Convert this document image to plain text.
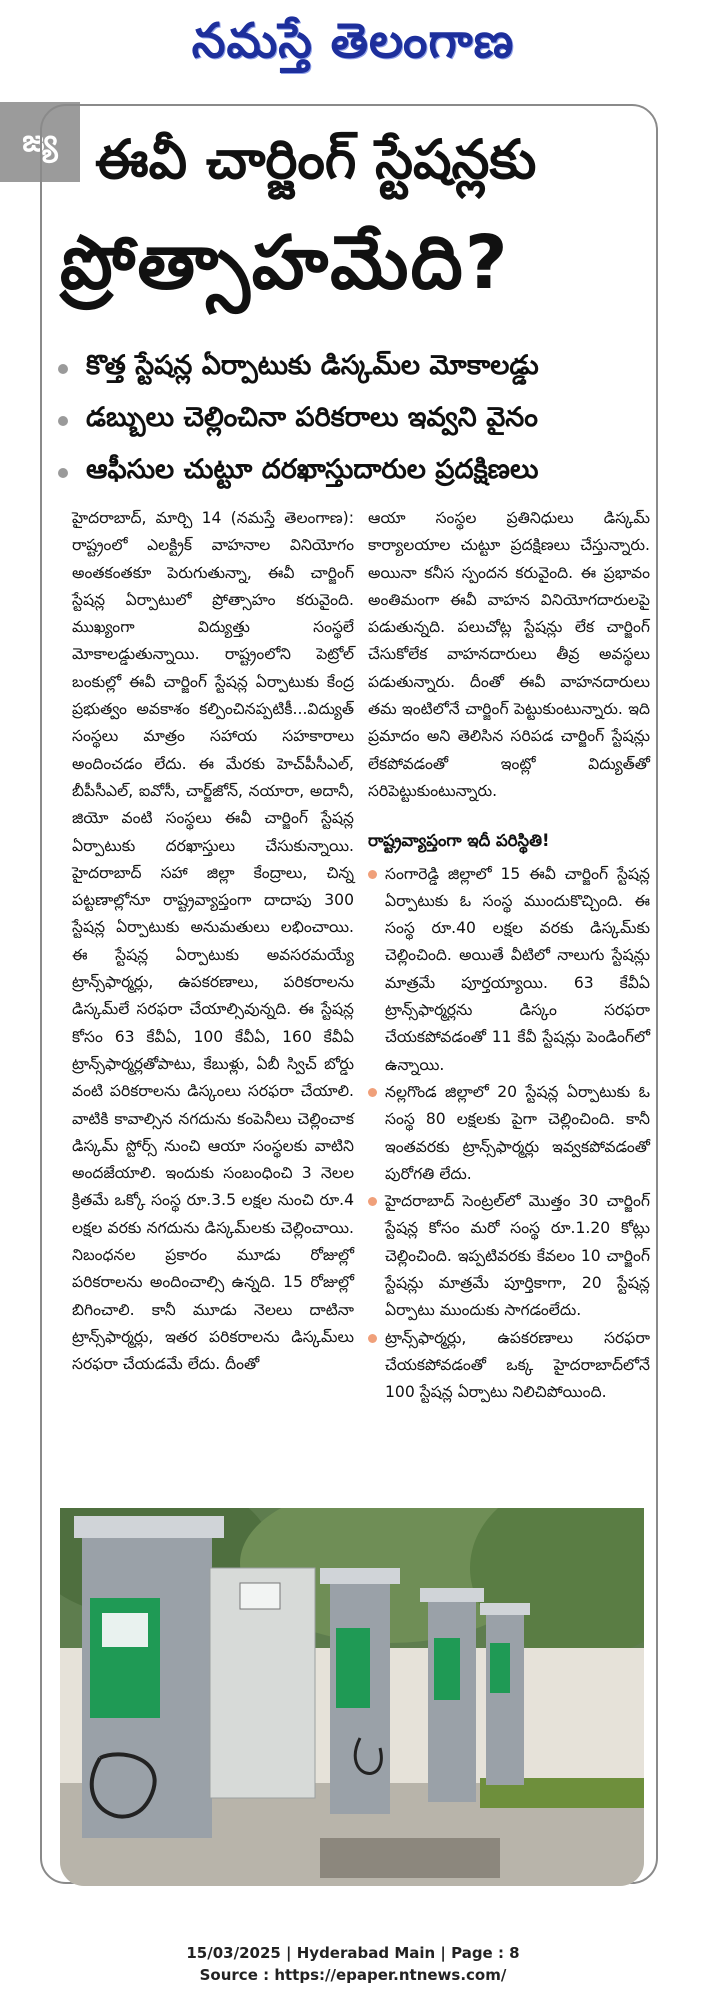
నమస్తే తెలంగాణ
జ్య ఈవీ చార్జింగ్ స్టేషన్లకు
ప్రోత్సాహమేది?
కొత్త స్టేషన్ల ఏర్పాటుకు డిస్కమ్‌ల మోకాలడ్డు
డబ్బులు చెల్లించినా పరికరాలు ఇవ్వని వైనం
ఆఫీసుల చుట్టూ దరఖాస్తుదారుల ప్రదక్షిణలు

హైదరాబాద్, మార్చి 14 (నమస్తే తెలంగాణ): రాష్ట్రంలో ఎలక్ట్రిక్ వాహనాల వినియోగం అంతకంతకూ పెరుగుతున్నా, ఈవీ చార్జింగ్ స్టేషన్ల ఏర్పాటులో ప్రోత్సాహం కరువైంది. ముఖ్యంగా విద్యుత్తు సంస్థలే మోకాలడ్డుతున్నాయి. రాష్ట్రంలోని పెట్రోల్ బంకుల్లో ఈవీ చార్జింగ్ స్టేషన్ల ఏర్పాటుకు కేంద్ర ప్రభుత్వం అవకాశం కల్పించినప్పటికీ...విద్యుత్ సంస్థలు మాత్రం సహాయ సహకారాలు అందించడం లేదు. ఈ మేరకు హెచ్‌పీసీఎల్, బీపీసీఎల్, ఐవోసీ, చార్జ్‌జోన్, నయారా, అదానీ, జియో వంటి సంస్థలు ఈవీ చార్జింగ్ స్టేషన్ల ఏర్పాటుకు దరఖాస్తులు చేసుకున్నాయి. హైదరాబాద్ సహా జిల్లా కేంద్రాలు, చిన్న పట్టణాల్లోనూ రాష్ట్రవ్యాప్తంగా దాదాపు 300 స్టేషన్ల ఏర్పాటుకు అనుమతులు లభించాయి. ఈ స్టేషన్ల ఏర్పాటుకు అవసరమయ్యే ట్రాన్స్‌ఫార్మర్లు, ఉపకరణాలు, పరికరాలను డిస్కమ్‌లే సరఫరా చేయాల్సివున్నది. ఈ స్టేషన్ల కోసం 63 కేవీఏ, 100 కేవీఏ, 160 కేవీఏ ట్రాన్స్‌ఫార్మర్లతోపాటు, కేబుళ్లు, ఏబీ స్విచ్ బోర్డు వంటి పరికరాలను డిస్కంలు సరఫరా చేయాలి. వాటికి కావాల్సిన నగదును కంపెనీలు చెల్లించాక డిస్కమ్ స్టోర్స్ నుంచి ఆయా సంస్థలకు వాటిని అందజేయాలి. ఇందుకు సంబంధించి 3 నెలల క్రితమే ఒక్కో సంస్థ రూ.3.5 లక్షల నుంచి రూ.4 లక్షల వరకు నగదును డిస్కమ్‌లకు చెల్లించాయి. నిబంధనల ప్రకారం మూడు రోజుల్లో పరికరాలను అందించాల్సి ఉన్నది. 15 రోజుల్లో బిగించాలి. కానీ మూడు నెలలు దాటినా ట్రాన్స్‌ఫార్మర్లు, ఇతర పరికరాలను డిస్కమ్‌లు సరఫరా చేయడమే లేదు. దీంతో

ఆయా సంస్థల ప్రతినిధులు డిస్కమ్ కార్యాలయాల చుట్టూ ప్రదక్షిణలు చేస్తున్నారు. అయినా కనీస స్పందన కరువైంది. ఈ ప్రభావం అంతిమంగా ఈవీ వాహన వినియోగదారులపై పడుతున్నది. పలుచోట్ల స్టేషన్లు లేక చార్జింగ్ చేసుకోలేక వాహనదారులు తీవ్ర అవస్థలు పడుతున్నారు. దీంతో ఈవీ వాహనదారులు తమ ఇంటిలోనే చార్జింగ్ పెట్టుకుంటున్నారు. ఇది ప్రమాదం అని తెలిసిన సరిపడ చార్జింగ్ స్టేషన్లు లేకపోవడంతో ఇంట్లో విద్యుత్‌తో సరిపెట్టుకుంటున్నారు.

రాష్ట్రవ్యాప్తంగా ఇదీ పరిస్థితి!

సంగారెడ్డి జిల్లాలో 15 ఈవీ చార్జింగ్ స్టేషన్ల ఏర్పాటుకు ఓ సంస్థ ముందుకొచ్చింది. ఈ సంస్థ రూ.40 లక్షల వరకు డిస్కమ్‌కు చెల్లించింది. అయితే వీటిలో నాలుగు స్టేషన్లు మాత్రమే పూర్తయ్యాయి. 63 కేవీఏ ట్రాన్స్‌ఫార్మర్లను డిస్కం సరఫరా చేయకపోవడంతో 11 కేవీ స్టేషన్లు పెండింగ్‌లో ఉన్నాయి.
నల్లగొండ జిల్లాలో 20 స్టేషన్ల ఏర్పాటుకు ఓ సంస్థ 80 లక్షలకు పైగా చెల్లించింది. కానీ ఇంతవరకు ట్రాన్స్‌ఫార్మర్లు ఇవ్వకపోవడంతో పురోగతి లేదు.
హైదరాబాద్ సెంట్రల్‌లో మొత్తం 30 చార్జింగ్ స్టేషన్ల కోసం మరో సంస్థ రూ.1.20 కోట్లు చెల్లించింది. ఇప్పటివరకు కేవలం 10 చార్జింగ్ స్టేషన్లు మాత్రమే పూర్తికాగా, 20 స్టేషన్ల ఏర్పాటు ముందుకు సాగడంలేదు.
ట్రాన్స్‌ఫార్మర్లు, ఉపకరణాలు సరఫరా చేయకపోవడంతో ఒక్క హైదరాబాద్‌లోనే 100 స్టేషన్ల ఏర్పాటు నిలిచిపోయింది.
15/03/2025 | Hyderabad Main | Page : 8
Source : https://epaper.ntnews.com/
